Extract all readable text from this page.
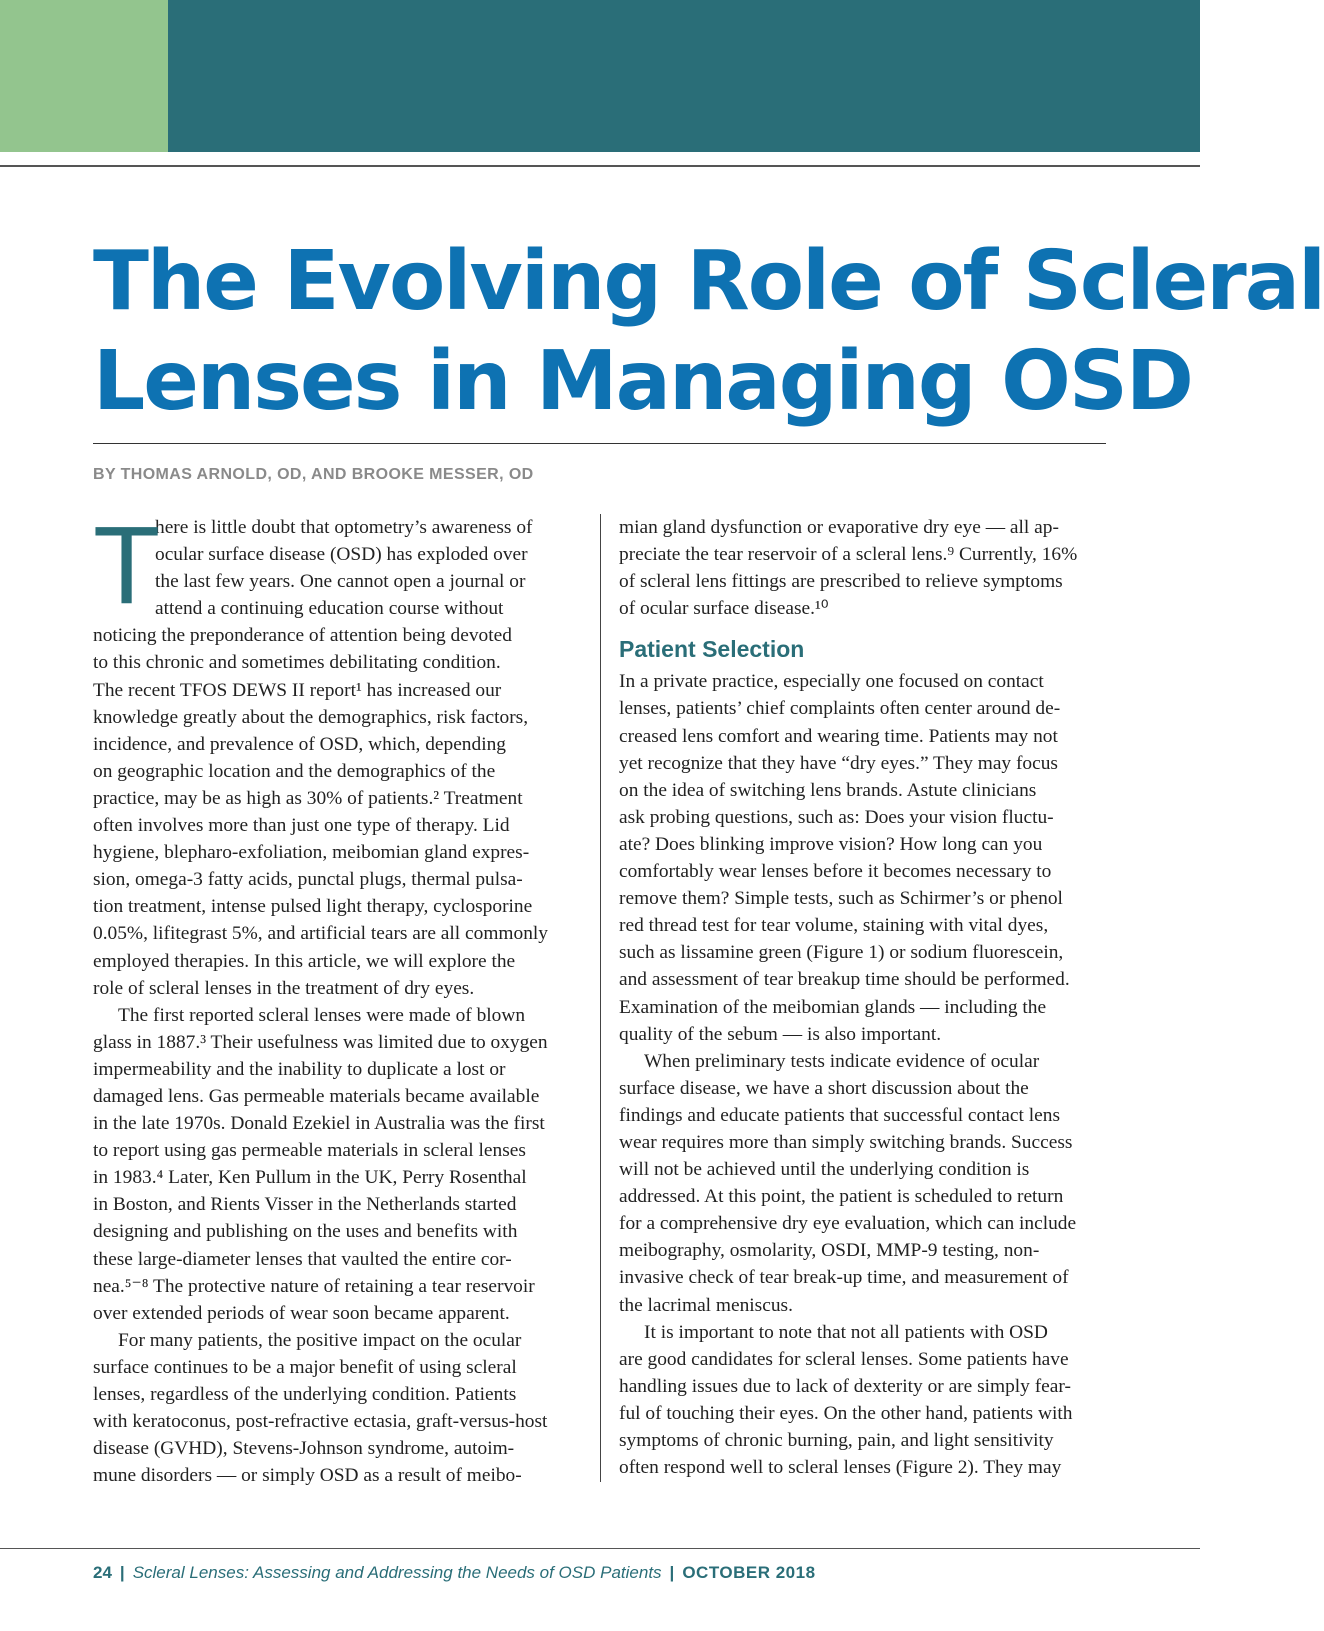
The Evolving Role of Scleral
Lenses in Managing OSD

BY THOMAS ARNOLD, OD, AND BROOKE MESSER, OD

T
here is little doubt that optometry’s awareness of
ocular surface disease (OSD) has exploded over
the last few years. One cannot open a journal or
attend a continuing education course without
noticing the preponderance of attention being devoted
to this chronic and sometimes debilitating condition.
The recent TFOS DEWS II report¹ has increased our
knowledge greatly about the demographics, risk factors,
incidence, and prevalence of OSD, which, depending
on geographic location and the demographics of the
practice, may be as high as 30% of patients.² Treatment
often involves more than just one type of therapy. Lid
hygiene, blepharo-exfoliation, meibomian gland expres-
sion, omega-3 fatty acids, punctal plugs, thermal pulsa-
tion treatment, intense pulsed light therapy, cyclosporine
0.05%, lifitegrast 5%, and artificial tears are all commonly
employed therapies. In this article, we will explore the
role of scleral lenses in the treatment of dry eyes.
The first reported scleral lenses were made of blown
glass in 1887.³ Their usefulness was limited due to oxygen
impermeability and the inability to duplicate a lost or
damaged lens. Gas permeable materials became available
in the late 1970s. Donald Ezekiel in Australia was the first
to report using gas permeable materials in scleral lenses
in 1983.⁴ Later, Ken Pullum in the UK, Perry Rosenthal
in Boston, and Rients Visser in the Netherlands started
designing and publishing on the uses and benefits with
these large-diameter lenses that vaulted the entire cor-
nea.⁵⁻⁸ The protective nature of retaining a tear reservoir
over extended periods of wear soon became apparent.
For many patients, the positive impact on the ocular
surface continues to be a major benefit of using scleral
lenses, regardless of the underlying condition. Patients
with keratoconus, post-refractive ectasia, graft-versus-host
disease (GVHD), Stevens-Johnson syndrome, autoim-
mune disorders — or simply OSD as a result of meibo-
mian gland dysfunction or evaporative dry eye — all ap-
preciate the tear reservoir of a scleral lens.⁹ Currently, 16%
of scleral lens fittings are prescribed to relieve symptoms
of ocular surface disease.¹⁰
Patient Selection
In a private practice, especially one focused on contact
lenses, patients’ chief complaints often center around de-
creased lens comfort and wearing time. Patients may not
yet recognize that they have “dry eyes.” They may focus
on the idea of switching lens brands. Astute clinicians
ask probing questions, such as: Does your vision fluctu-
ate? Does blinking improve vision? How long can you
comfortably wear lenses before it becomes necessary to
remove them? Simple tests, such as Schirmer’s or phenol
red thread test for tear volume, staining with vital dyes,
such as lissamine green (Figure 1) or sodium fluorescein,
and assessment of tear breakup time should be performed.
Examination of the meibomian glands — including the
quality of the sebum — is also important.
When preliminary tests indicate evidence of ocular
surface disease, we have a short discussion about the
findings and educate patients that successful contact lens
wear requires more than simply switching brands. Success
will not be achieved until the underlying condition is
addressed. At this point, the patient is scheduled to return
for a comprehensive dry eye evaluation, which can include
meibography, osmolarity, OSDI, MMP-9 testing, non-
invasive check of tear break-up time, and measurement of
the lacrimal meniscus.
It is important to note that not all patients with OSD
are good candidates for scleral lenses. Some patients have
handling issues due to lack of dexterity or are simply fear-
ful of touching their eyes. On the other hand, patients with
symptoms of chronic burning, pain, and light sensitivity
often respond well to scleral lenses (Figure 2). They may
24 | Scleral Lenses: Assessing and Addressing the Needs of OSD Patients | OCTOBER 2018
